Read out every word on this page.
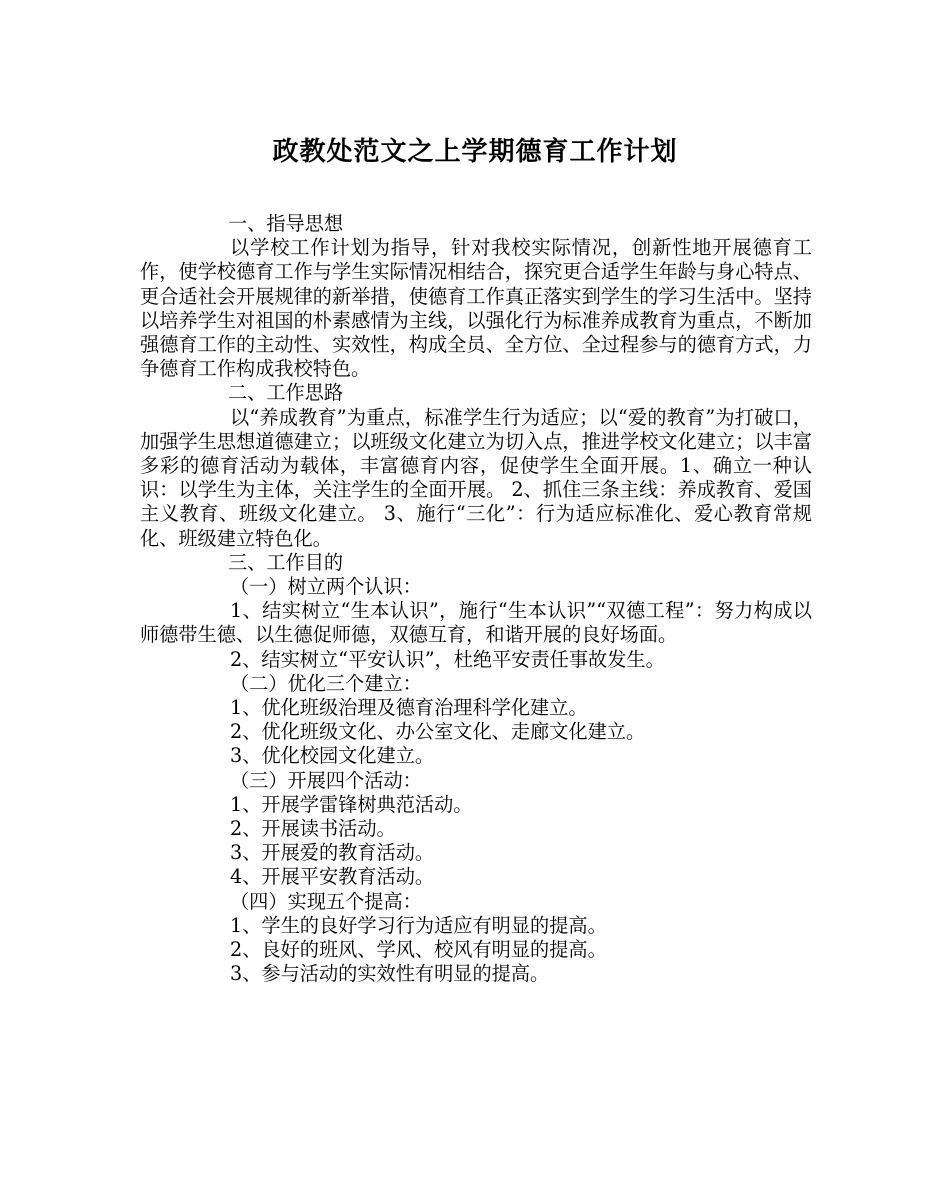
政教处范文之上学期德育工作计划

一、指导思想

以学校工作计划为指导，针对我校实际情况，创新性地开展德育工作，使学校德育工作与学生实际情况相结合，探究更合适学生年龄与身心特点、更合适社会开展规律的新举措，使德育工作真正落实到学生的学习生活中。坚持以培养学生对祖国的朴素感情为主线，以强化行为标准养成教育为重点，不断加强德育工作的主动性、实效性，构成全员、全方位、全过程参与的德育方式，力争德育工作构成我校特色。

二、工作思路

以“养成教育”为重点，标准学生行为适应；以“爱的教育”为打破口，加强学生思想道德建立；以班级文化建立为切入点，推进学校文化建立；以丰富多彩的德育活动为载体，丰富德育内容，促使学生全面开展。1、确立一种认识：以学生为主体，关注学生的全面开展。 2、抓住三条主线：养成教育、爱国主义教育、班级文化建立。 3、施行“三化”：行为适应标准化、爱心教育常规化、班级建立特色化。

三、工作目的

（一）树立两个认识：

1、结实树立“生本认识”，施行“生本认识”“双德工程”：努力构成以师德带生德、以生德促师德，双德互育，和谐开展的良好场面。

2、结实树立“平安认识”，杜绝平安责任事故发生。

（二）优化三个建立：

1、优化班级治理及德育治理科学化建立。

2、优化班级文化、办公室文化、走廊文化建立。

3、优化校园文化建立。

（三）开展四个活动：

1、开展学雷锋树典范活动。

2、开展读书活动。

3、开展爱的教育活动。

4、开展平安教育活动。

（四）实现五个提高：

1、学生的良好学习行为适应有明显的提高。

2、良好的班风、学风、校风有明显的提高。

3、参与活动的实效性有明显的提高。
